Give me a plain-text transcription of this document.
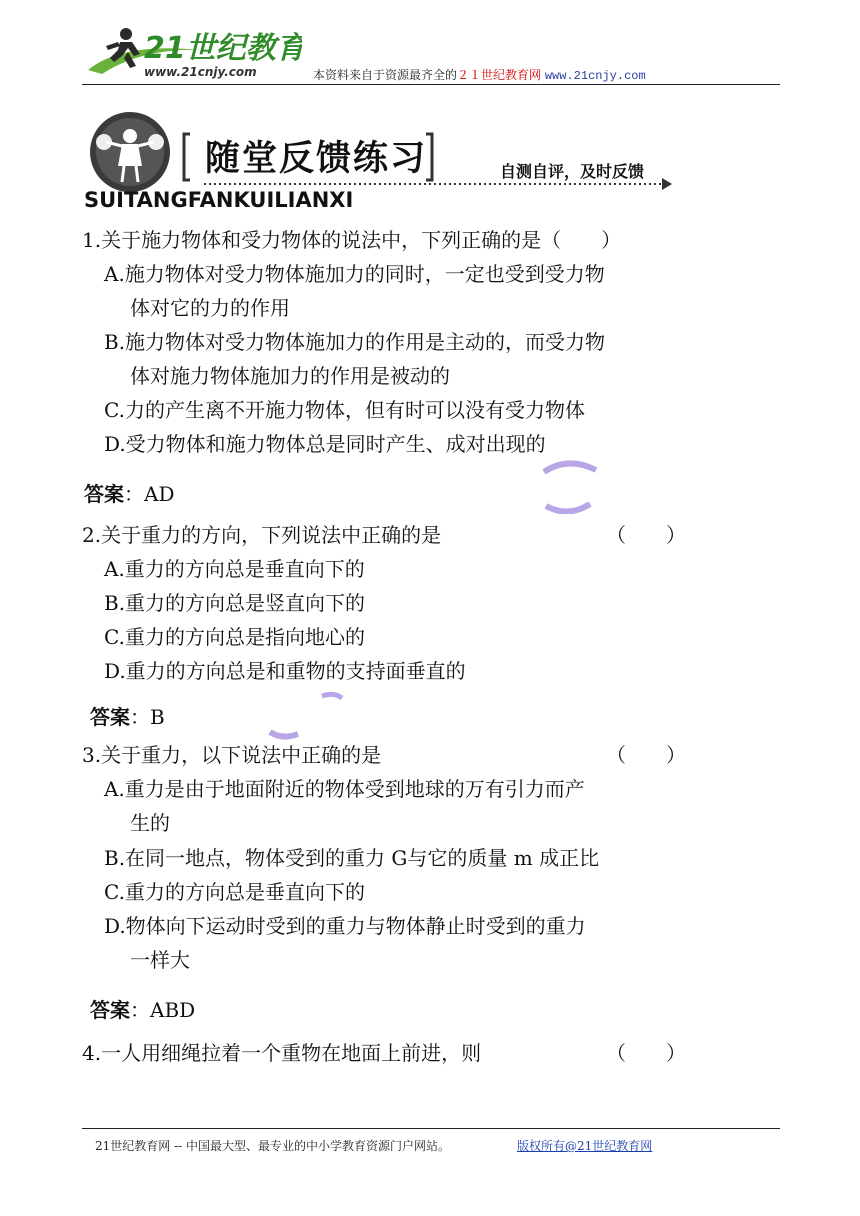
21世纪教育
www.21cnjy.com	本资料来自于资源最齐全的２１世纪教育网 www.21cnjy.com
随堂反馈练习	自测自评，及时反馈
SUITANGFANKUILIANXI
1.关于施力物体和受力物体的说法中，下列正确的是（　　）
A.施力物体对受力物体施加力的同时，一定也受到受力物
体对它的力的作用
B.施力物体对受力物体施加力的作用是主动的，而受力物
体对施力物体施加力的作用是被动的
C.力的产生离不开施力物体，但有时可以没有受力物体
D.受力物体和施力物体总是同时产生、成对出现的
答案：AD
2.关于重力的方向，下列说法中正确的是	（　　）
A.重力的方向总是垂直向下的
B.重力的方向总是竖直向下的
C.重力的方向总是指向地心的
D.重力的方向总是和重物的支持面垂直的
答案：B
3.关于重力，以下说法中正确的是	（　　）
A.重力是由于地面附近的物体受到地球的万有引力而产
生的
B.在同一地点，物体受到的重力 G与它的质量 m 成正比
C.重力的方向总是垂直向下的
D.物体向下运动时受到的重力与物体静止时受到的重力
一样大
答案：ABD
4.一人用细绳拉着一个重物在地面上前进，则	（　　）
21世纪教育网 -- 中国最大型、最专业的中小学教育资源门户网站。	版权所有@21世纪教育网
